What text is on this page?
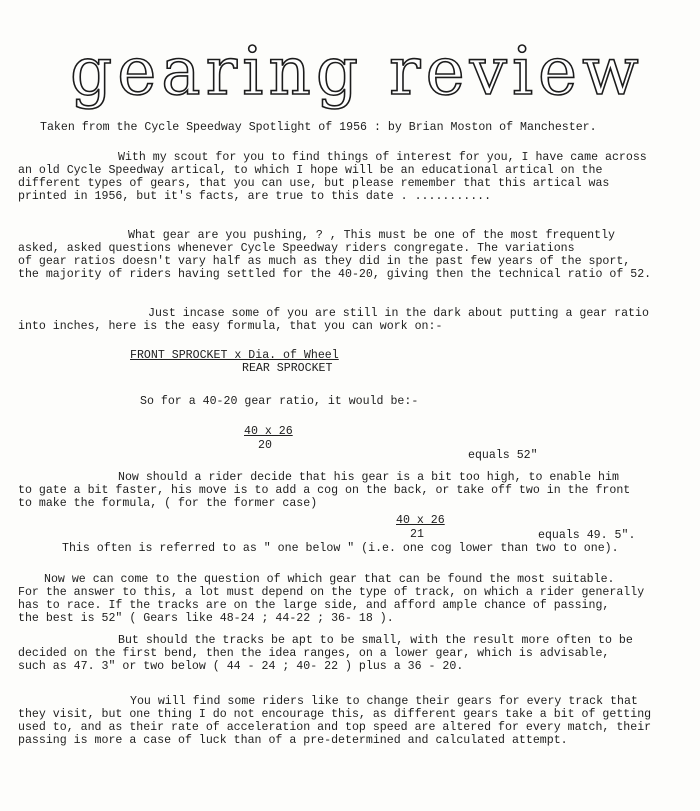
gearing review
Taken from the Cycle Speedway Spotlight of 1956 : by Brian Moston of Manchester.
With my scout for you to find things of interest for you, I have came across
an old Cycle Speedway artical, to which I hope will be an educational artical on the
different types of gears, that you can use, but please remember that this artical was
printed in 1956, but it's facts, are true to this date . ...........
What gear are you pushing, ? , This must be one of the most frequently
asked, asked questions whenever Cycle Speedway riders congregate. The variations
of gear ratios doesn't vary half as much as they did in the past few years of the sport,
the majority of riders having settled for the 40-20, giving then the technical ratio of 52.
Just incase some of you are still in the dark about putting a gear ratio
into inches, here is the easy formula, that you can work on:-
FRONT SPROCKET x Dia. of Wheel
REAR SPROCKET
So for a 40-20 gear ratio, it would be:-
40 x 26
20
equals 52"
Now should a rider decide that his gear is a bit too high, to enable him
to gate a bit faster, his move is to add a cog on the back, or take off two in the front
to make the formula, ( for the former case)
40 x 26
21	equals 49. 5".
This often is referred to as " one below " (i.e. one cog lower than two to one).
Now we can come to the question of which gear that can be found the most suitable.
For the answer to this, a lot must depend on the type of track, on which a rider generally
has to race. If the tracks are on the large side, and afford ample chance of passing,
the best is 52" ( Gears like 48-24 ; 44-22 ; 36- 18 ).
But should the tracks be apt to be small, with the result more often to be
decided on the first bend, then the idea ranges, on a lower gear, which is advisable,
such as 47. 3" or two below ( 44 - 24 ; 40- 22 ) plus a 36 - 20.
You will find some riders like to change their gears for every track that
they visit, but one thing I do not encourage this, as different gears take a bit of getting
used to, and as their rate of acceleration and top speed are altered for every match, their
passing is more a case of luck than of a pre-determined and calculated attempt.
